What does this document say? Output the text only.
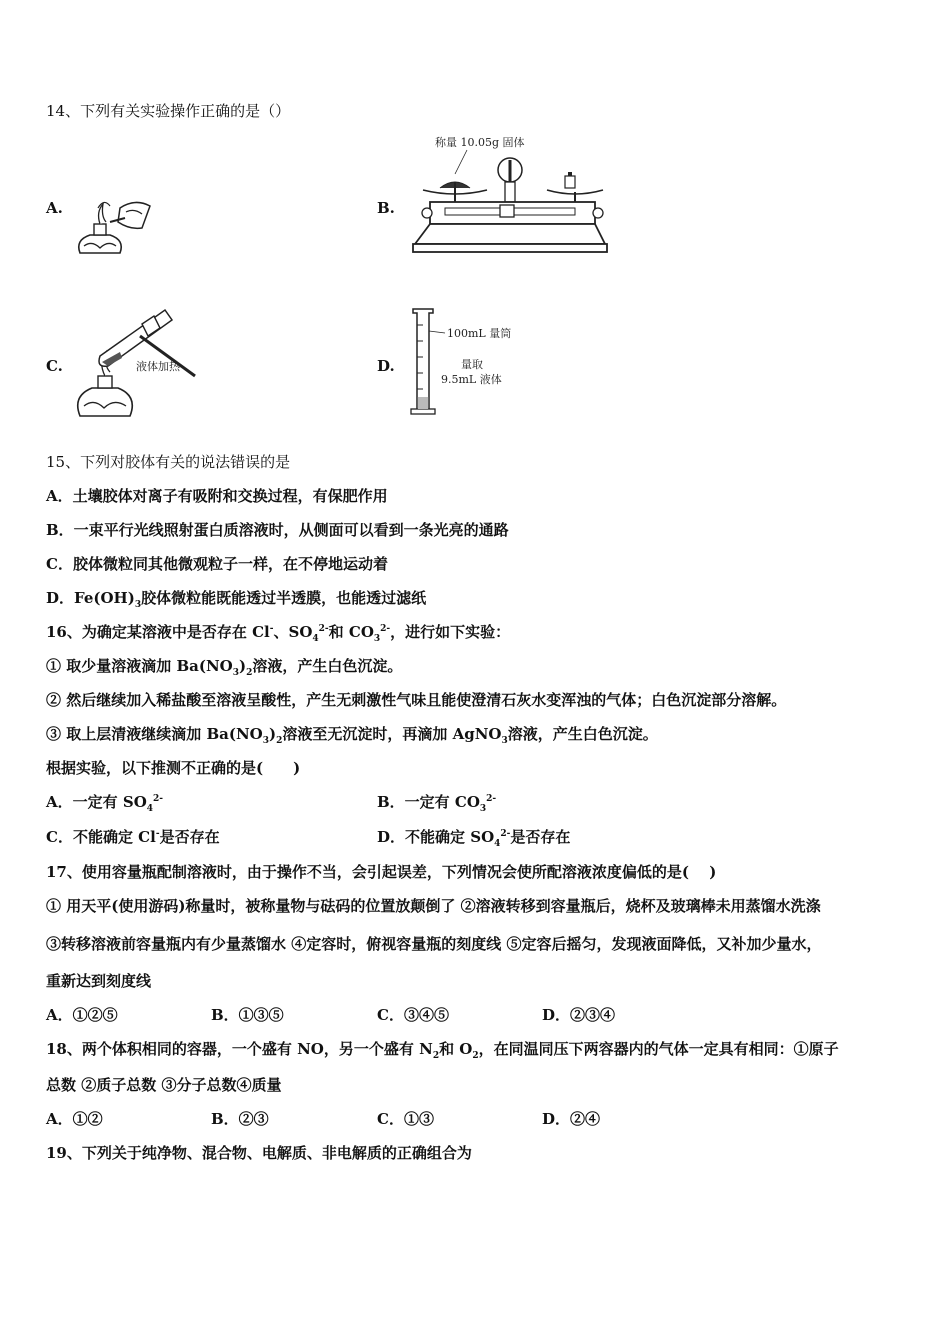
14、下列有关实验操作正确的是（）
A.	B.
称量 10.05g 固体
C.	液体加热	D.
100mL 量筒
量取
9.5mL 液体
15、下列对胶体有关的说法错误的是
A．土壤胶体对离子有吸附和交换过程，有保肥作用
B．一束平行光线照射蛋白质溶液时，从侧面可以看到一条光亮的通路
C．胶体微粒同其他微观粒子一样，在不停地运动着
D．$Fe(OH)_3$胶体微粒能既能透过半透膜，也能透过滤纸
16、为确定某溶液中是否存在 Cl-、$SO_4^{2-}$和 $CO_3^{2-}$，进行如下实验：
① 取少量溶液滴加 $Ba(NO_3)_2$溶液，产生白色沉淀。
② 然后继续加入稀盐酸至溶液呈酸性，产生无刺激性气味且能使澄清石灰水变浑浊的气体；白色沉淀部分溶解。
③ 取上层清液继续滴加 $Ba(NO_3)_2$溶液至无沉淀时，再滴加 AgNO$_3$溶液，产生白色沉淀。
根据实验，以下推测不正确的是(　　)
A．一定有 $SO_4^{2-}$	B．一定有 $CO_3^{2-}$
C．不能确定 Cl-是否存在	D．不能确定 $SO_4^{2-}$是否存在
17、使用容量瓶配制溶液时，由于操作不当，会引起误差，下列情况会使所配溶液浓度偏低的是(　 )
① 用天平(使用游码)称量时，被称量物与砝码的位置放颠倒了 ②溶液转移到容量瓶后，烧杯及玻璃棒未用蒸馏水洗涤
③转移溶液前容量瓶内有少量蒸馏水 ④定容时，俯视容量瓶的刻度线 ⑤定容后摇匀，发现液面降低，又补加少量水，
重新达到刻度线
A．①②⑤	B．①③⑤	C．③④⑤	D．②③④
18、两个体积相同的容器，一个盛有 NO，另一个盛有 $N_2$和 $O_2$，在同温同压下两容器内的气体一定具有相同：①原子
总数 ②质子总数 ③分子总数④质量
A．①②	B．②③	C．①③	D．②④
19、下列关于纯净物、混合物、电解质、非电解质的正确组合为
